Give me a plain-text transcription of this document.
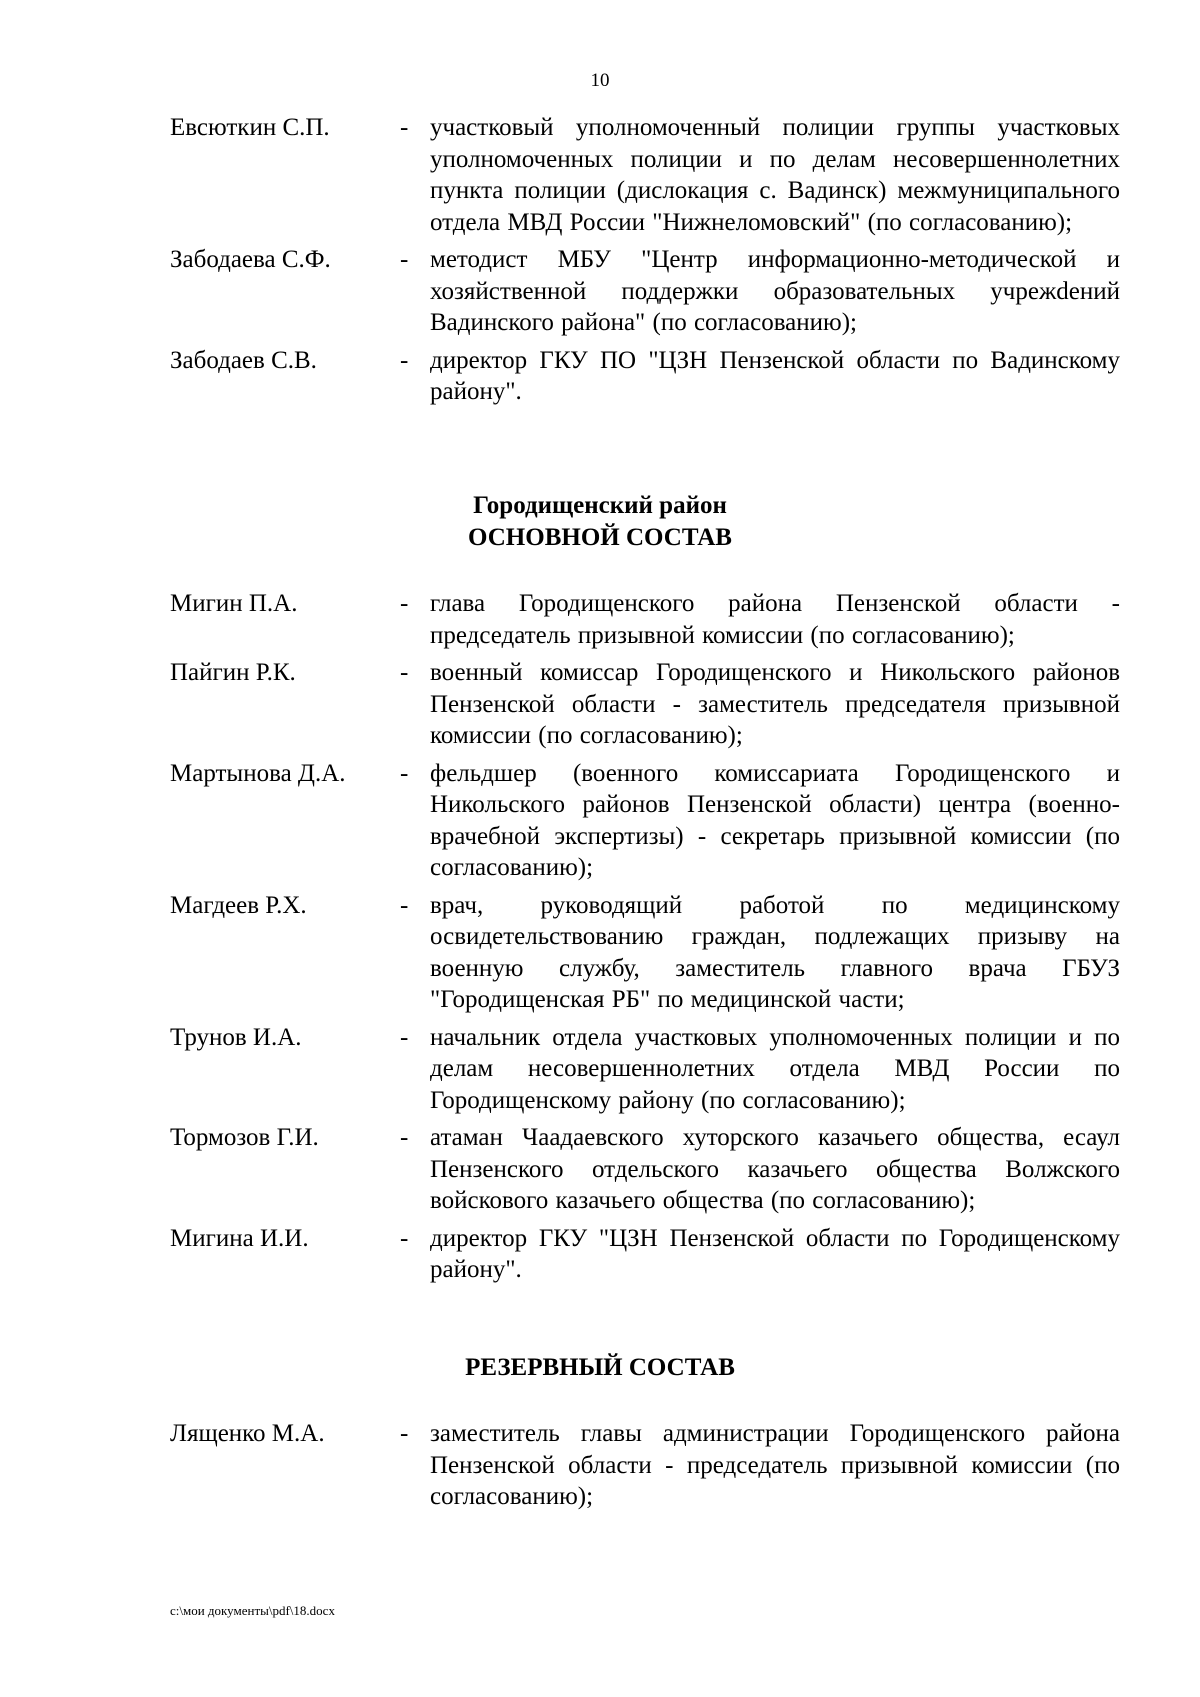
10
Евсюткин С.П.	- участковый уполномоченный полиции группы участковых уполномоченных полиции и по делам несовершеннолетних пункта полиции (дислокация с. Вадинск) межмуниципального отдела МВД России "Нижнеломовский" (по согласованию);
Забодаева С.Ф.	- методист МБУ "Центр информационно-методической и хозяйственной поддержки образовательных учрежdений Вадинского района" (по согласованию);
Забодаев С.В.	- директор ГКУ ПО "ЦЗН Пензенской области по Вадинскому району".
Городищенский район
ОСНОВНОЙ СОСТАВ
Мигин П.А.	- глава Городищенского района Пензенской области - председатель призывной комиссии (по согласованию);
Пайгин Р.К.	- военный комиссар Городищенского и Никольского районов Пензенской области - заместитель председателя призывной комиссии (по согласованию);
Мартынова Д.А.	- фельдшер (военного комиссариата Городищенского и Никольского районов Пензенской области) центра (военно-врачебной экспертизы) - секретарь призывной комиссии (по согласованию);
Магдеев Р.Х.	- врач, руководящий работой по медицинскому освидетельствованию граждан, подлежащих призыву на военную службу, заместитель главного врача ГБУЗ "Городищенская РБ" по медицинской части;
Трунов И.А.	- начальник отдела участковых уполномоченных полиции и по делам несовершеннолетних отдела МВД России по Городищенскому району (по согласованию);
Тормозов Г.И.	- атаман Чаадаевского хуторского казачьего общества, есаул Пензенского отдельского казачьего общества Волжского войскового казачьего общества (по согласованию);
Мигина И.И.	- директор ГКУ "ЦЗН Пензенской области по Городищенскому району".
РЕЗЕРВНЫЙ СОСТАВ
Лященко М.А.	- заместитель главы администрации Городищенского района Пензенской области - председатель призывной комиссии (по согласованию);
c:\мои документы\pdf\18.docx
